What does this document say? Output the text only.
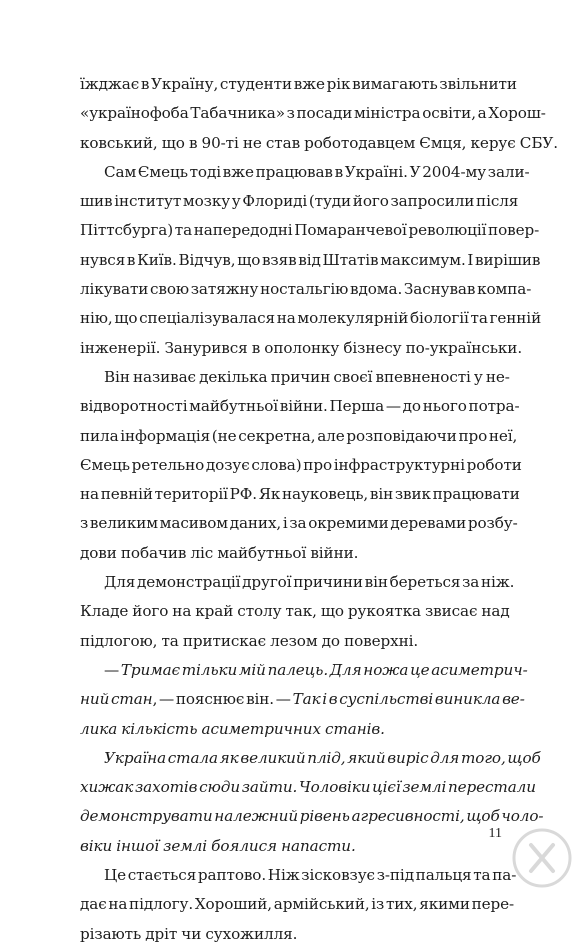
їжджає в Україну, студенти вже рік вимагають звільнити
«українофоба Табачника» з посади міністра освіти, а Хорош-
ковський, що в 90-ті не став роботодавцем Ємця, керує СБУ.

Сам Ємець тоді вже працював в Україні. У 2004-му зали-
шив інститут мозку у Флориді (туди його запросили після
Піттсбурга) та напередодні Помаранчевої революції повер-
нувся в Київ. Відчув, що взяв від Штатів максимум. І вирішив
лікувати свою затяжну ностальгію вдома. Заснував компа-
нію, що спеціалізувалася на молекулярній біології та генній
інженерії. Занурився в ополонку бізнесу по-українськи.

Він називає декілька причин своєї впевненості у не-
відворотності майбутньої війни. Перша — до нього потра-
пила інформація (не секретна, але розповідаючи про неї,
Ємець ретельно дозує слова) про інфраструктурні роботи
на певній території РФ. Як науковець, він звик працювати
з великим масивом даних, і за окремими деревами розбу-
дови побачив ліс майбутньої війни.

Для демонстрації другої причини він береться за ніж.
Кладе його на край столу так, що рукоятка звисає над
підлогою, та притискає лезом до поверхні.

— Тримає тільки мій палець. Для ножа це асиметрич-
ний стан, — пояснює він. — Так і в суспільстві виникла ве-
лика кількість асиметричних станів.

Україна стала як великий плід, який виріс для того, щоб
хижак захотів сюди зайти. Чоловіки цієї землі перестали
демонструвати належний рівень агресивності, щоб чоло-
віки іншої землі боялися напасти.

Це стається раптово. Ніж зісковзує з-під пальця та па-
дає на підлогу. Хороший, армійський, із тих, якими пере-
різають дріт чи сухожилля.

11
